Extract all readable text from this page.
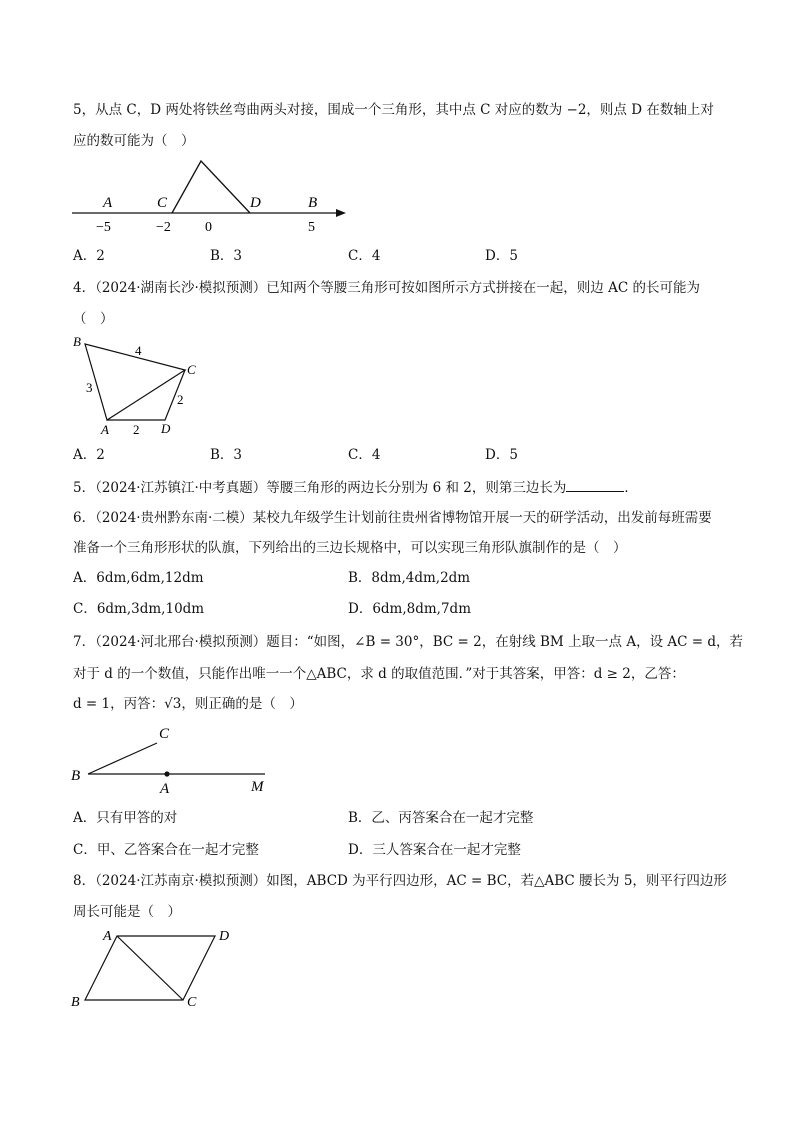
5，从点 C，D 两处将铁丝弯曲两头对接，围成一个三角形，其中点 C 对应的数为 −2，则点 D 在数轴上对
应的数可能为（　）
A	C	D	B
−5	−2 0	5
A．2	B．3	C．4	D．5
4．（2024·湖南长沙·模拟预测）已知两个等腰三角形可按如图所示方式拼接在一起，则边 AC 的长可能为
（　）
B
C
A	D
4
3
2
2
A．2	B．3	C．4	D．5
5．（2024·江苏镇江·中考真题）等腰三角形的两边长分别为 6 和 2，则第三边长为	．
6．（2024·贵州黔东南·二模）某校九年级学生计划前往贵州省博物馆开展一天的研学活动，出发前每班需要
准备一个三角形形状的队旗，下列给出的三边长规格中，可以实现三角形队旗制作的是（　）
A．6dm,6dm,12dm	B．8dm,4dm,2dm
C．6dm,3dm,10dm	D．6dm,8dm,7dm
7．（2024·河北邢台·模拟预测）题目：“如图，∠B = 30°，BC = 2，在射线 BM 上取一点 A，设 AC = d，若
对于 d 的一个数值，只能作出唯一一个△ABC，求 d 的取值范围．”对于其答案，甲答：d ≥ 2，乙答：
d = 1，丙答：√3，则正确的是（　）
B
C
A	M
A．只有甲答的对	B．乙、丙答案合在一起才完整
C．甲、乙答案合在一起才完整	D．三人答案合在一起才完整
8．（2024·江苏南京·模拟预测）如图，ABCD 为平行四边形，AC = BC，若△ABC 腰长为 5，则平行四边形
周长可能是（　）
A	D
B	C
